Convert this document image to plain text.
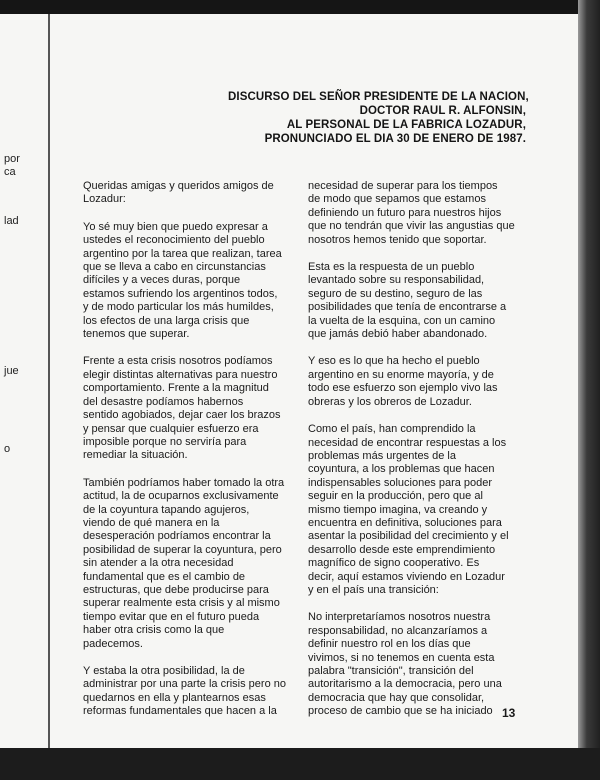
por
ca
lad
jue
o
DISCURSO DEL SEÑOR PRESIDENTE DE LA NACION,
DOCTOR RAUL R. ALFONSIN,
AL PERSONAL DE LA FABRICA LOZADUR,
PRONUNCIADO EL DIA 30 DE ENERO DE 1987.
Queridas amigas y queridos amigos de
Lozadur:
Yo sé muy bien que puedo expresar a
ustedes el reconocimiento del pueblo
argentino por la tarea que realizan, tarea
que se lleva a cabo en circunstancias
difíciles y a veces duras, porque
estamos sufriendo los argentinos todos,
y de modo particular los más humildes,
los efectos de una larga crisis que
tenemos que superar.
Frente a esta crisis nosotros podíamos
elegir distintas alternativas para nuestro
comportamiento. Frente a la magnitud
del desastre podíamos habernos
sentido agobiados, dejar caer los brazos
y pensar que cualquier esfuerzo era
imposible porque no serviría para
remediar la situación.
También podríamos haber tomado la otra
actitud, la de ocuparnos exclusivamente
de la coyuntura tapando agujeros,
viendo de qué manera en la
desesperación podríamos encontrar la
posibilidad de superar la coyuntura, pero
sin atender a la otra necesidad
fundamental que es el cambio de
estructuras, que debe producirse para
superar realmente esta crisis y al mismo
tiempo evitar que en el futuro pueda
haber otra crisis como la que
padecemos.
Y estaba la otra posibilidad, la de
administrar por una parte la crisis pero no
quedarnos en ella y plantearnos esas
reformas fundamentales que hacen a la
necesidad de superar para los tiempos
de modo que sepamos que estamos
definiendo un futuro para nuestros hijos
que no tendrán que vivir las angustias que
nosotros hemos tenido que soportar.
Esta es la respuesta de un pueblo
levantado sobre su responsabilidad,
seguro de su destino, seguro de las
posibilidades que tenía de encontrarse a
la vuelta de la esquina, con un camino
que jamás debió haber abandonado.
Y eso es lo que ha hecho el pueblo
argentino en su enorme mayoría, y de
todo ese esfuerzo son ejemplo vivo las
obreras y los obreros de Lozadur.
Como el país, han comprendido la
necesidad de encontrar respuestas a los
problemas más urgentes de la
coyuntura, a los problemas que hacen
indispensables soluciones para poder
seguir en la producción, pero que al
mismo tiempo imagina, va creando y
encuentra en definitiva, soluciones para
asentar la posibilidad del crecimiento y el
desarrollo desde este emprendimiento
magnífico de signo cooperativo. Es
decir, aquí estamos viviendo en Lozadur
y en el país una transición:
No interpretaríamos nosotros nuestra
responsabilidad, no alcanzaríamos a
definir nuestro rol en los días que
vivimos, si no tenemos en cuenta esta
palabra "transición", transición del
autoritarismo a la democracia, pero una
democracia que hay que consolidar,
proceso de cambio que se ha iniciado 13
